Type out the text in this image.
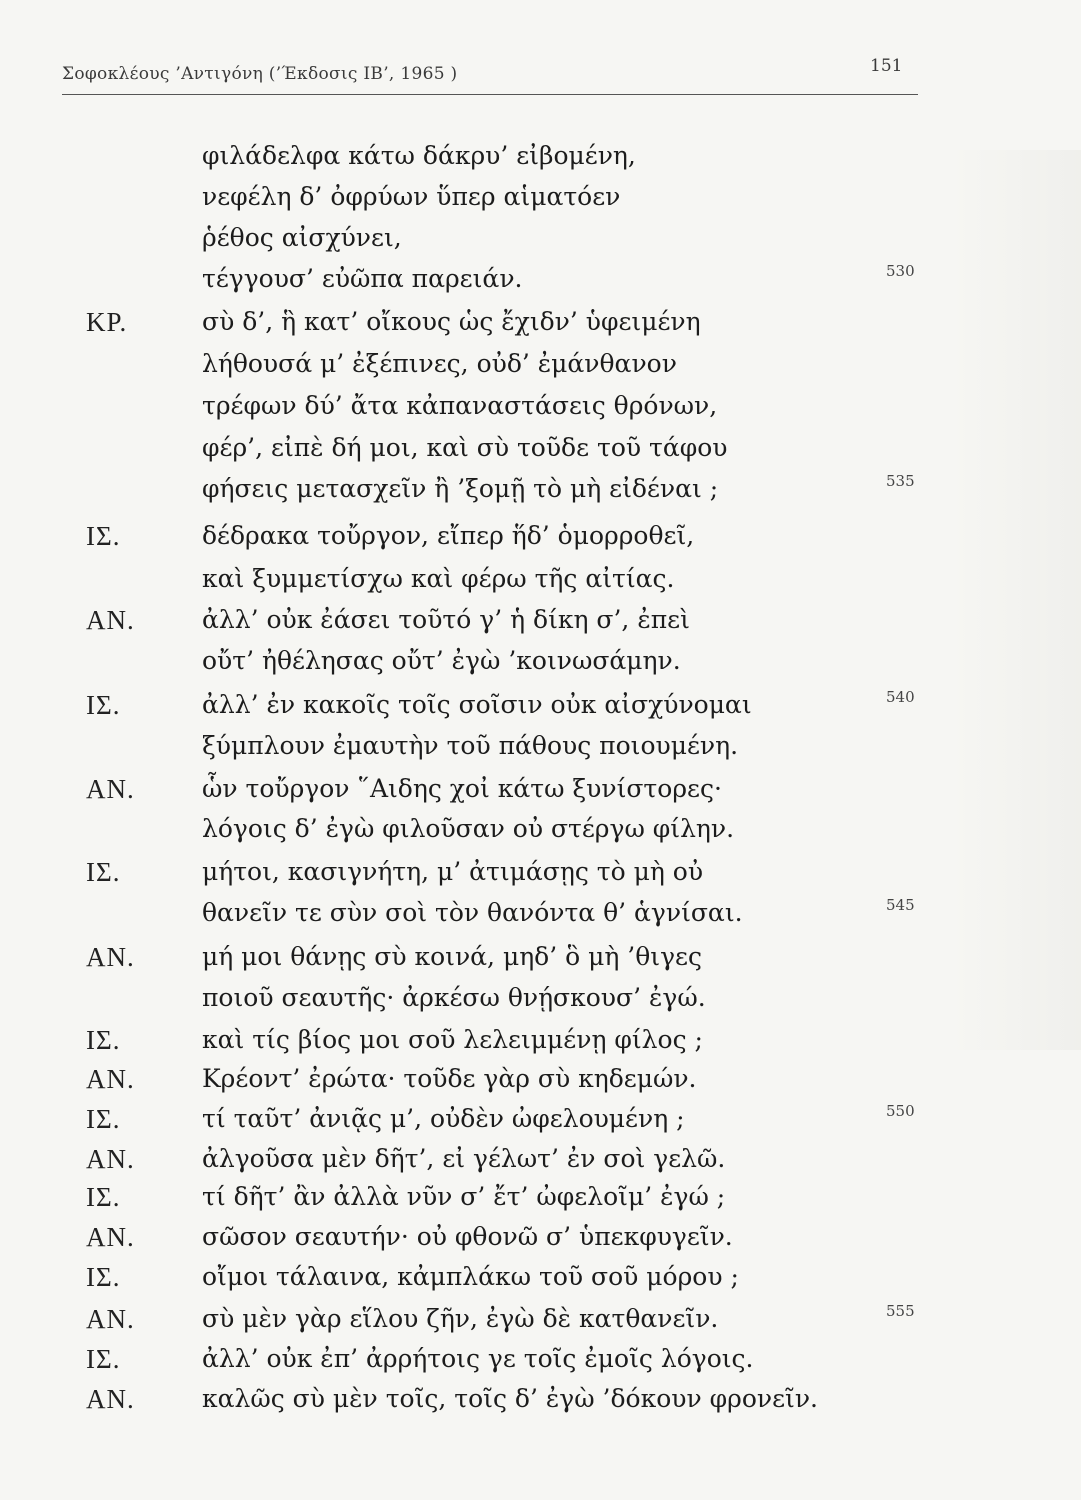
Σοφοκλέους ’Αντιγόνη (’Έκδοσις ΙΒ’, 1965 )	151
φιλάδελφα κάτω δάκρυ’ εἰβομένη,
νεφέλη δ’ ὀφρύων ὕπερ αἱματόεν
ῥέθος αἰσχύνει,
τέγγουσ’ εὐῶπα παρειάν.	530
ΚΡ.	σὺ δ’, ἣ κατ’ οἴκους ὡς ἔχιδν’ ὑφειμένη
λήθουσά μ’ ἐξέπινες, οὐδ’ ἐμάνθανον
τρέφων δύ’ ἄτα κἀπαναστάσεις θρόνων,
φέρ’, εἰπὲ δή μοι, καὶ σὺ τοῦδε τοῦ τάφου
φήσεις μετασχεῖν ἢ ’ξομῇ τὸ μὴ εἰδέναι ;	535
ΙΣ.	δέδρακα τοὔργον, εἴπερ ἥδ’ ὁμορροθεῖ,
καὶ ξυμμετίσχω καὶ φέρω τῆς αἰτίας.
ΑΝ.	ἀλλ’ οὐκ ἐάσει τοῦτό γ’ ἡ δίκη σ’, ἐπεὶ
οὔτ’ ἠθέλησας οὔτ’ ἐγὼ ’κοινωσάμην.
ΙΣ.	ἀλλ’ ἐν κακοῖς τοῖς σοῖσιν οὐκ αἰσχύνομαι	540
ξύμπλουν ἐμαυτὴν τοῦ πάθους ποιουμένη.
ΑΝ.	ὧν τοὔργον ῞Αιδης χοἰ κάτω ξυνίστορες·
λόγοις δ’ ἐγὼ φιλοῦσαν οὐ στέργω φίλην.
ΙΣ.	μήτοι, κασιγνήτη, μ’ ἀτιμάσῃς τὸ μὴ οὐ
θανεῖν τε σὺν σοὶ τὸν θανόντα θ’ ἁγνίσαι.	545
ΑΝ.	μή μοι θάνῃς σὺ κοινά, μηδ’ ὃ μὴ ’θιγες
ποιοῦ σεαυτῆς· ἀρκέσω θνῄσκουσ’ ἐγώ.
ΙΣ.	καὶ τίς βίος μοι σοῦ λελειμμένῃ φίλος ;
ΑΝ.	Κρέοντ’ ἐρώτα· τοῦδε γὰρ σὺ κηδεμών.
ΙΣ.	τί ταῦτ’ ἀνιᾷς μ’, οὐδὲν ὠφελουμένη ;	550
ΑΝ.	ἀλγοῦσα μὲν δῆτ’, εἰ γέλωτ’ ἐν σοὶ γελῶ.
ΙΣ.	τί δῆτ’ ἂν ἀλλὰ νῦν σ’ ἔτ’ ὠφελοῖμ’ ἐγώ ;
ΑΝ.	σῶσον σεαυτήν· οὐ φθονῶ σ’ ὑπεκφυγεῖν.
ΙΣ.	οἴμοι τάλαινα, κἀμπλάκω τοῦ σοῦ μόρου ;
ΑΝ.	σὺ μὲν γὰρ εἵλου ζῆν, ἐγὼ δὲ κατθανεῖν.	555
ΙΣ.	ἀλλ’ οὐκ ἐπ’ ἀρρήτοις γε τοῖς ἐμοῖς λόγοις.
ΑΝ.	καλῶς σὺ μὲν τοῖς, τοῖς δ’ ἐγὼ ’δόκουν φρονεῖν.
